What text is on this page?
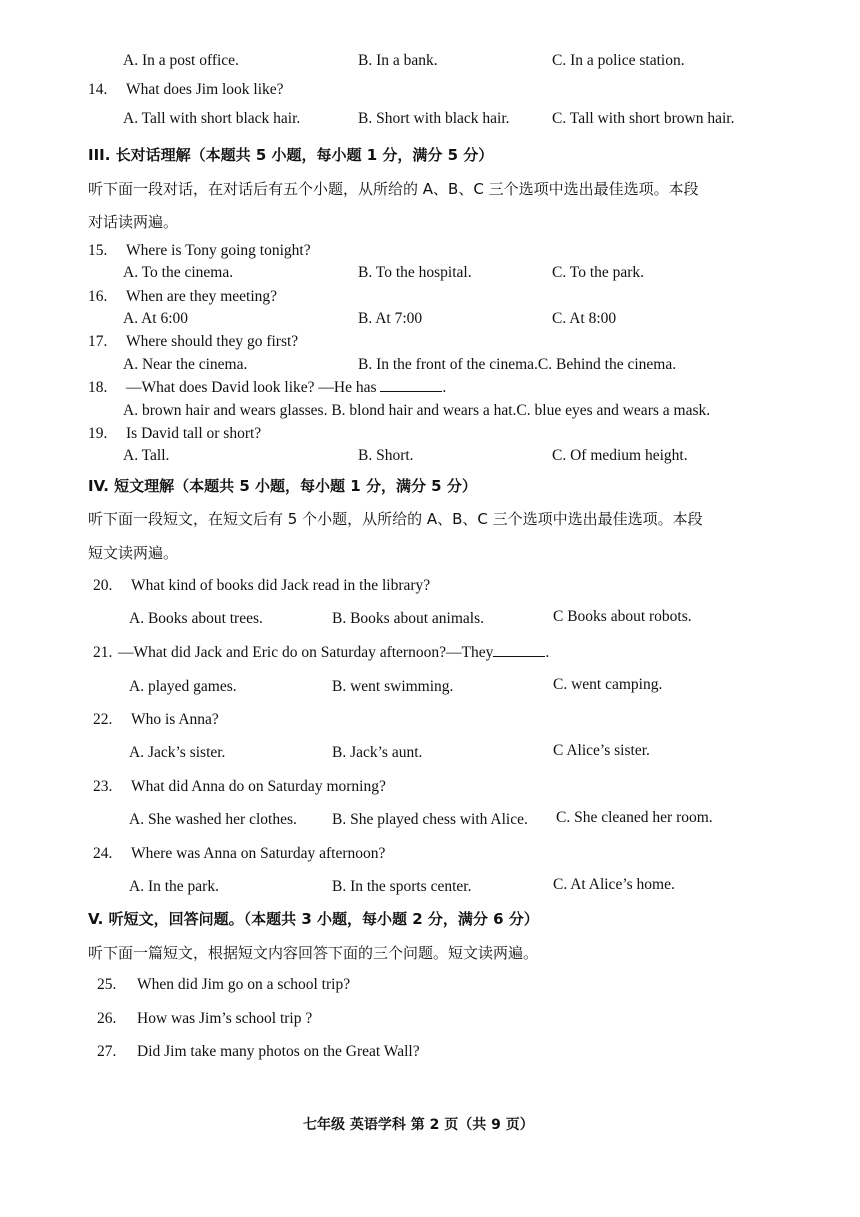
A. In a post office.	B. In a bank.	C. In a police station.
14. What does Jim look like?
A. Tall with short black hair.	B. Short with black hair.	C. Tall with short brown hair.
III. 长对话理解（本题共 5 小题，每小题 1 分，满分 5 分）
听下面一段对话，在对话后有五个小题，从所给的 A、B、C 三个选项中选出最佳选项。本段
对话读两遍。
15. Where is Tony going tonight?
A. To the cinema.	B. To the hospital.	C. To the park.
16. When are they meeting?
A. At 6:00	B. At 7:00	C. At 8:00
17. Where should they go first?
A. Near the cinema.	B. In the front of the cinema.C. Behind the cinema.
18. —What does David look like? —He has	.
A. brown hair and wears glasses. B. blond hair and wears a hat.C. blue eyes and wears a mask.
19. Is David tall or short?
A. Tall.	B. Short.	C. Of medium height.
IV. 短文理解（本题共 5 小题，每小题 1 分，满分 5 分）
听下面一段短文，在短文后有 5 个小题，从所给的 A、B、C 三个选项中选出最佳选项。本段
短文读两遍。
20. What kind of books did Jack read in the library?
A. Books about trees.	B. Books about animals.	C Books about robots.
21. —What did Jack and Eric do on Saturday afternoon?—They	.
A. played games.	B. went swimming.	C. went camping.
22. Who is Anna?
A. Jack’s sister.	B. Jack’s aunt.	C Alice’s sister.
23. What did Anna do on Saturday morning?
A. She washed her clothes. B. She played chess with Alice. C. She cleaned her room.
24. Where was Anna on Saturday afternoon?
A. In the park.	B. In the sports center.	C. At Alice’s home.
V. 听短文，回答问题。（本题共 3 小题，每小题 2 分，满分 6 分）
听下面一篇短文，根据短文内容回答下面的三个问题。短文读两遍。
25. When did Jim go on a school trip?
26. How was Jim’s school trip ?
27. Did Jim take many photos on the Great Wall?
七年级 英语学科 第 2 页（共 9 页）
